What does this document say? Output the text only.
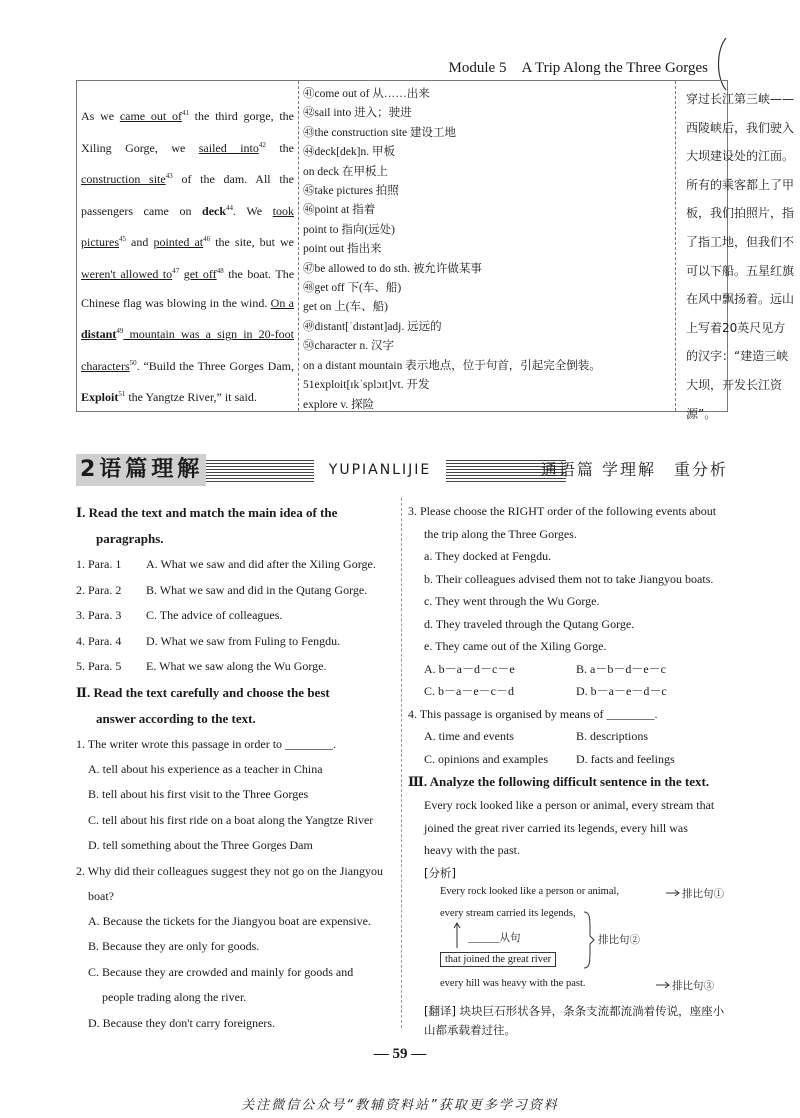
Module 5　A Trip Along the Three Gorges
As we came out $of^{41}$ the third gorge, the Xiling Gorge, we sailed into$^{42}$ the construction site$^{43}$ of the dam. All the passengers came on deck$^{44}$. We took pictures$^{45}$ and pointed $at^{46}$ the site, but we weren't allowed $to^{47}$ get off$^{48}$ the boat. The Chinese flag was blowing in the wind. On a distant$^{49}$ mountain was a sign in 20-foot characters$^{50}$. “Build the Three Gorges Dam, Exploit$^{51}$ the Yangtze River,” it said.
㊶come out of 从……出来
㊷sail into 进入；驶进
㊸the construction site 建设工地
㊹deck[dek]n. 甲板
on deck 在甲板上
㊺take pictures 拍照
㊻point at 指着
point to 指向(远处)
point out 指出来
㊼be allowed to do sth. 被允许做某事
㊽get off 下(车、船)
get on 上(车、船)
㊾distant[ˈdɪstənt]adj. 远远的
㊿character n. 汉字
on a distant mountain 表示地点，位于句首，引起完全倒装。
51exploit[ɪkˈsplɔɪt]vt. 开发
explore v. 探险
穿过长江第三峡——西陵峡后，我们驶入大坝建设处的江面。所有的乘客都上了甲板，我们拍照片，指了指工地，但我们不可以下船。五星红旗在风中飘扬着。远山上写着20英尺见方的汉字：“建造三峡大坝，开发长江资源”。
2语篇理解	YUPIANLIJIE	通语篇 学理解　重分析
Ⅰ. Read the text and match the main idea of the
paragraphs.
1. Para. 1	A. What we saw and did after the Xiling Gorge.
2. Para. 2	B. What we saw and did in the Qutang Gorge.
3. Para. 3	C. The advice of colleagues.
4. Para. 4	D. What we saw from Fuling to Fengdu.
5. Para. 5	E. What we saw along the Wu Gorge.
Ⅱ. Read the text carefully and choose the best
answer according to the text.
1. The writer wrote this passage in order to ________.
A. tell about his experience as a teacher in China
B. tell about his first visit to the Three Gorges
C. tell about his first ride on a boat along the Yangtze River
D. tell something about the Three Gorges Dam
2. Why did their colleagues suggest they not go on the Jiangyou
boat?
A. Because the tickets for the Jiangyou boat are expensive.
B. Because they are only for goods.
C. Because they are crowded and mainly for goods and
people trading along the river.
D. Because they don't carry foreigners.
3. Please choose the RIGHT order of the following events about
the trip along the Three Gorges.
a. They docked at Fengdu.
b. Their colleagues advised them not to take Jiangyou boats.
c. They went through the Wu Gorge.
d. They traveled through the Qutang Gorge.
e. They came out of the Xiling Gorge.
A. b－a－d－c－e	B. a－b－d－e－c
C. b－a－e－c－d	D. b－a－e－d－c
4. This passage is organised by means of ________.
A. time and events	B. descriptions
C. opinions and examples	D. facts and feelings
Ⅲ. Analyze the following difficult sentence in the text.
Every rock looked like a person or animal, every stream that
joined the great river carried its legends, every hill was
heavy with the past.
[分析]
Every rock looked like a person or animal,	排比句①
every stream carried its legends,
______从句
that joined the great river
排比句②
every hill was heavy with the past.	排比句③
[翻译] 块块巨石形状各异，条条支流都流淌着传说，座座小山都承载着过往。
— 59 —
关注微信公众号“教辅资料站”获取更多学习资料
